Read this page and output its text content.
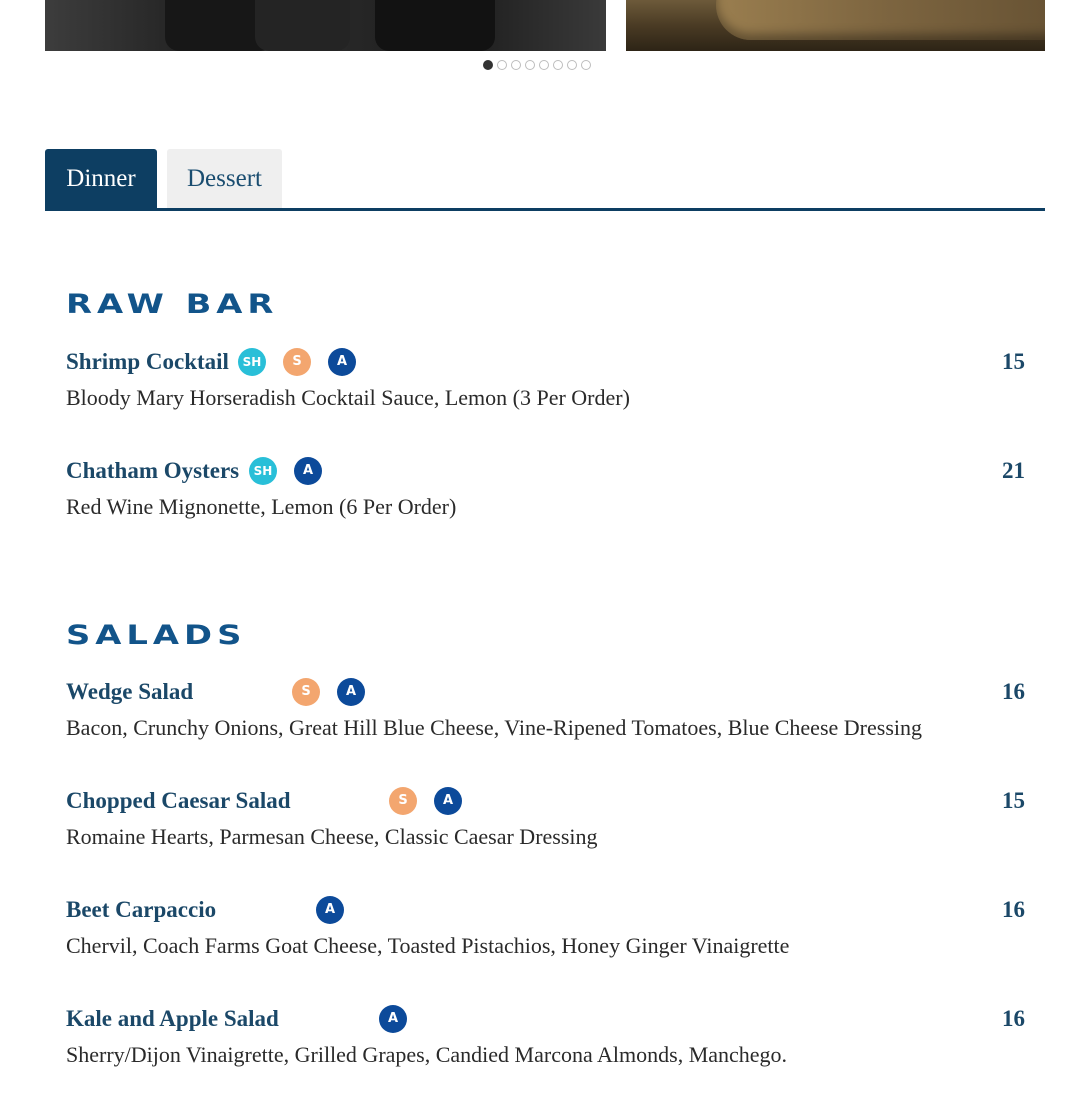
Dinner	Dessert
RAW BAR
Shrimp Cocktail	SH	S	A	15
Bloody Mary Horseradish Cocktail Sauce, Lemon (3 Per Order)
Chatham Oysters	SH	A	21
Red Wine Mignonette, Lemon (6 Per Order)
SALADS
Wedge Salad	S	A	16
Bacon, Crunchy Onions, Great Hill Blue Cheese, Vine-Ripened Tomatoes, Blue Cheese Dressing
Chopped Caesar Salad	S	A	15
Romaine Hearts, Parmesan Cheese, Classic Caesar Dressing
Beet Carpaccio	A	16
Chervil, Coach Farms Goat Cheese, Toasted Pistachios, Honey Ginger Vinaigrette
Kale and Apple Salad	A	16
Sherry/Dijon Vinaigrette, Grilled Grapes, Candied Marcona Almonds, Manchego.
